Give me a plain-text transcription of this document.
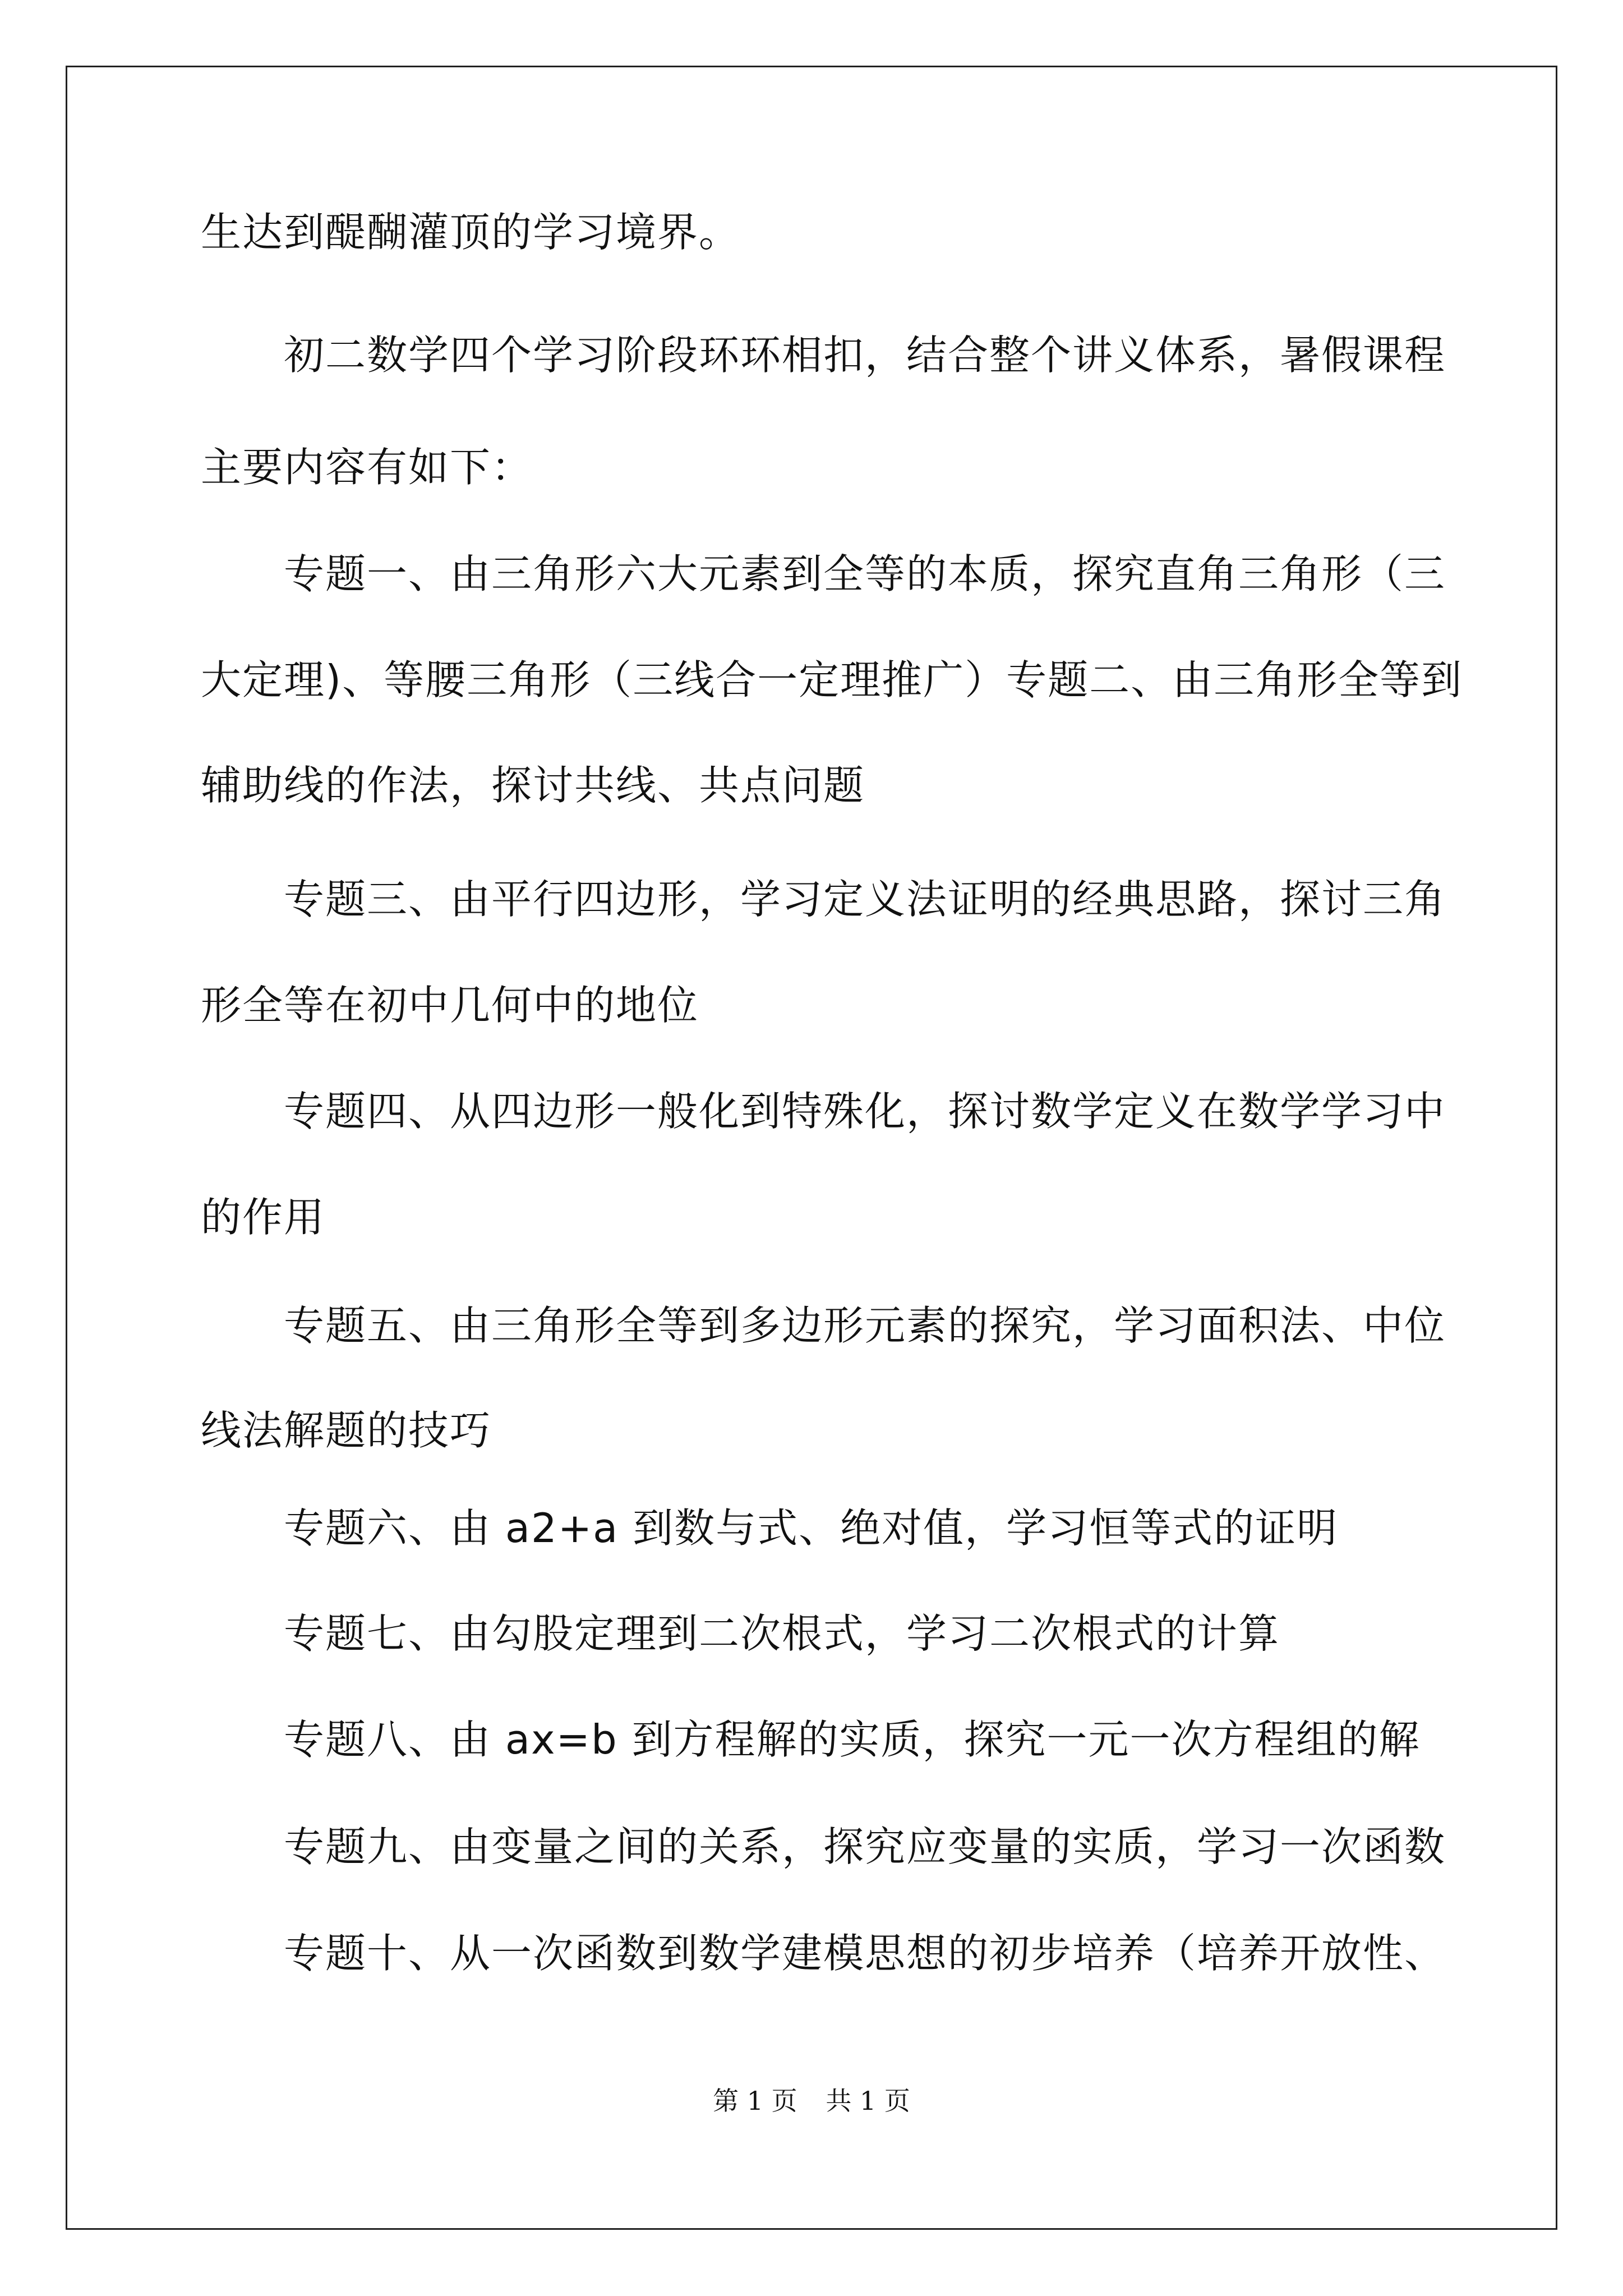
生达到醍醐灌顶的学习境界。
初二数学四个学习阶段环环相扣，结合整个讲义体系，暑假课程
主要内容有如下：
专题一、由三角形六大元素到全等的本质，探究直角三角形（三
大定理)、等腰三角形（三线合一定理推广）专题二、由三角形全等到
辅助线的作法，探讨共线、共点问题
专题三、由平行四边形，学习定义法证明的经典思路，探讨三角
形全等在初中几何中的地位
专题四、从四边形一般化到特殊化，探讨数学定义在数学学习中
的作用
专题五、由三角形全等到多边形元素的探究，学习面积法、中位
线法解题的技巧
专题六、由 a2+a 到数与式、绝对值，学习恒等式的证明
专题七、由勾股定理到二次根式，学习二次根式的计算
专题八、由 ax=b 到方程解的实质，探究一元一次方程组的解
专题九、由变量之间的关系，探究应变量的实质，学习一次函数
专题十、从一次函数到数学建模思想的初步培养（培养开放性、
第 1 页 共 1 页
